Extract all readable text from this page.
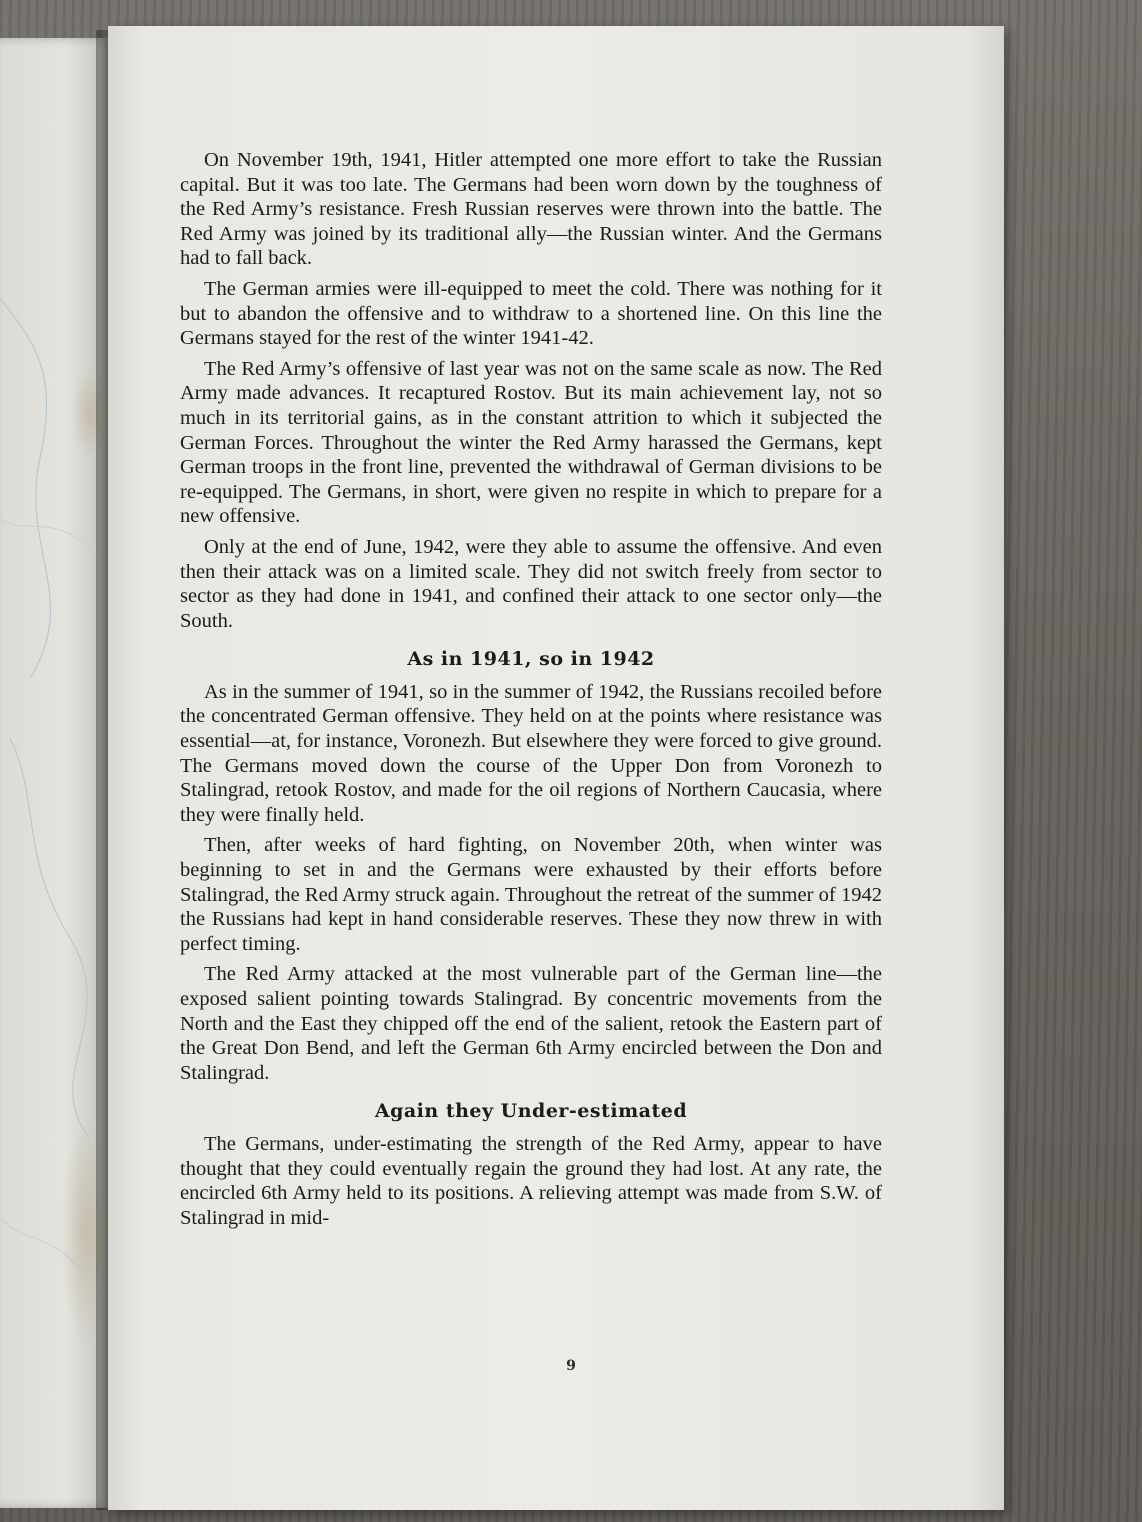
On November 19th, 1941, Hitler attempted one more effort to take the Russian capital. But it was too late. The Germans had been worn down by the toughness of the Red Army’s resistance. Fresh Russian reserves were thrown into the battle. The Red Army was joined by its traditional ally—the Russian winter. And the Germans had to fall back.

The German armies were ill-equipped to meet the cold. There was nothing for it but to abandon the offensive and to withdraw to a shortened line. On this line the Germans stayed for the rest of the winter 1941-42.

The Red Army’s offensive of last year was not on the same scale as now. The Red Army made advances. It recaptured Rostov. But its main achievement lay, not so much in its territorial gains, as in the constant attrition to which it subjected the German Forces. Throughout the winter the Red Army harassed the Germans, kept German troops in the front line, prevented the withdrawal of German divisions to be re-equipped. The Germans, in short, were given no respite in which to prepare for a new offensive.

Only at the end of June, 1942, were they able to assume the offensive. And even then their attack was on a limited scale. They did not switch freely from sector to sector as they had done in 1941, and confined their attack to one sector only—the South.

As in 1941, so in 1942

As in the summer of 1941, so in the summer of 1942, the Russians recoiled before the concentrated German offensive. They held on at the points where resistance was essential—at, for instance, Voronezh. But elsewhere they were forced to give ground. The Germans moved down the course of the Upper Don from Voronezh to Stalingrad, retook Rostov, and made for the oil regions of Northern Caucasia, where they were finally held.

Then, after weeks of hard fighting, on November 20th, when winter was beginning to set in and the Germans were exhausted by their efforts before Stalingrad, the Red Army struck again. Throughout the retreat of the summer of 1942 the Russians had kept in hand considerable reserves. These they now threw in with perfect timing.

The Red Army attacked at the most vulnerable part of the German line—the exposed salient pointing towards Stalingrad. By concentric movements from the North and the East they chipped off the end of the salient, retook the Eastern part of the Great Don Bend, and left the German 6th Army encircled between the Don and Stalingrad.

Again they Under-estimated

The Germans, under-estimating the strength of the Red Army, appear to have thought that they could eventually regain the ground they had lost. At any rate, the encircled 6th Army held to its positions. A relieving attempt was made from S.W. of Stalingrad in mid-

9
